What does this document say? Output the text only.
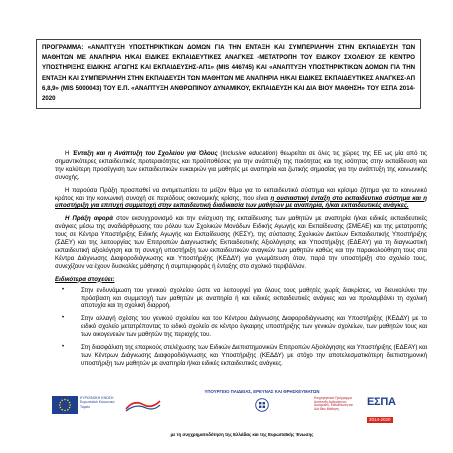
ΠΡΟΓΡΑΜΜΑ: «ΑΝΑΠΤΥΞΗ ΥΠΟΣΤΗΡΙΚΤΙΚΩΝ ΔΟΜΩΝ ΓΙΑ ΤΗΝ ΕΝΤΑΞΗ ΚΑΙ ΣΥΜΠΕΡΙΛΗΨΗ ΣΤΗΝ ΕΚΠΑΙΔΕΥΣΗ ΤΩΝ ΜΑΘΗΤΩΝ ΜΕ ΑΝΑΠΗΡΙΑ Η/ΚΑΙ ΕΙΔΙΚΕΣ ΕΚΠΑΙΔΕΥΤΙΚΕΣ ΑΝΑΓΚΕΣ -ΜΕΤΑΤΡΟΠΗ ΤΟΥ ΕΙΔΙΚΟΥ ΣΧΟΛΕΙΟΥ ΣΕ ΚΕΝΤΡΟ ΥΠΟΣΤΗΡΙΞΗΣ ΕΙΔΙΚΗΣ ΑΓΩΓΗΣ ΚΑΙ ΕΚΠΑΙΔΕΥΣΗΣ-ΑΠ1» (MIS 446745) ΚΑΙ «ΑΝΑΠΤΥΞΗ ΥΠΟΣΤΗΡΙΚΤΙΚΩΝ ΔΟΜΩΝ ΓΙΑ ΤΗΝ ΕΝΤΑΞΗ ΚΑΙ ΣΥΜΠΕΡΙΛΗΨΗ ΣΤΗΝ ΕΚΠΑΙΔΕΥΣΗ ΤΩΝ ΜΑΘΗΤΩΝ ΜΕ ΑΝΑΠΗΡΙΑ Η/ΚΑΙ ΕΙΔΙΚΕΣ ΕΚΠΑΙΔΕΥΤΙΚΕΣ ΑΝΑΓΚΕΣ-ΑΠ 6,8,9» (MIS 5000043) ΤΟΥ Ε.Π. «ΑΝΑΠΤΥΞΗ ΑΝΘΡΩΠΙΝΟΥ ΔΥΝΑΜΙΚΟΥ, ΕΚΠΑΙΔΕΥΣΗ ΚΑΙ ΔΙΑ ΒΙΟΥ ΜΑΘΗΣΗ» ΤΟΥ ΕΣΠΑ 2014-2020

Η Ένταξη και η Ανάπτυξη του Σχολείου για Όλους (Inclusive education) θεωρείται σε όλες τις χώρες της ΕΕ ως μία από τις σημαντικότερες εκπαιδευτικές προτεραιότητες και προϋποθέσεις για την ανάπτυξη της ποιότητας και της ισότητας στην εκπαίδευση και την καλύτερη προσέγγιση των εκπαιδευτικών ευκαιριών για μαθητές με αναπηρία και ζωτικής σημασίας για την ανάπτυξη της κοινωνικής συνοχής.

Η παρούσα Πράξη προσπαθεί να αντιμετωπίσει το μείζον θέμα για το εκπαιδευτικό σύστημα και κρίσιμο ζήτημα για το κοινωνικό κράτος και την κοινωνική συνοχή σε περιόδους οικονομικής κρίσης, που είναι η ουσιαστική ένταξη στο εκπαιδευτικό σύστημα και η υποστήριξη για επιτυχή συμμετοχή στην εκπαιδευτική διαδικασία των μαθητών με αναπηρία, ή/και εκπαιδευτικές ανάγκες.

Η Πράξη αφορά στον εκσυγχρονισμό και την ενίσχυση της εκπαίδευσης των μαθητών με αναπηρία ή/και ειδικές εκπαιδευτικές ανάγκες μέσω της αναδιάρθρωσης του ρόλου των Σχολικών Μονάδων Ειδικής Αγωγής και Εκπαίδευσης (ΣΜΕΑΕ) και της μετατροπής τους σε Κέντρα Υποστήριξης Ειδικής Αγωγής και Εκπαίδευσης (ΚΕΣΥ), της σύστασης Σχολικών Δικτύων Εκπαιδευτικής Υποστήριξης (ΣΔΕΥ) και της λειτουργίας των Επιτροπών Διαγνωστικής Εκπαιδευτικής Αξιολόγησης και Υποστήριξης (ΕΔΕΑΥ) για τη διαγνωστική εκπαιδευτική αξιολόγηση και τη συνεχή υποστήριξη των εκπαιδευτικών αναγκών των μαθητών καθώς και την παρακολούθηση τους στα Κέντρα Διάγνωσης Διαφοροδιάγνωσης και Υποστήριξης (ΚΕΔΔΥ) για γνωμάτευση όταν, παρά την υποστήριξη στο σχολείο τους, συνεχίζουν να έχουν δυσκολίες μάθησης ή συμπεριφοράς ή ένταξης στο σχολικό περιβάλλον.

Ειδικότερα στοχεύει:
•	Στην ενδυνάμωση του γενικού σχολείου ώστε να λειτουργεί για όλους τους μαθητές χωρίς διακρίσεις, να διευκολύνει την πρόσβαση και συμμετοχή των μαθητών με αναπηρία ή και ειδικές εκπαιδευτικές ανάγκες και να προλαμβάνει τη σχολική αποτυχία και τη σχολική διαρροή.
•	Στην αλλαγή σχέσης του γενικού σχολείου και του Κέντρου Διάγνωσης Διαφοροδιάγνωσης και Υποστήριξης (ΚΕΔΔΥ) με το ειδικό σχολείο μετατρέποντας το ειδικό σχολείο σε κέντρο έγκαιρης υποστήριξης των γενικών σχολείων, των μαθητών τους και των οικογενειών των μαθητών της περιοχής του.
•	Στη διασφάλιση της επαρκούς στελέχωσης των Ειδικών Διεπιστημονικών Επιτροπών Αξιολόγησης και Υποστήριξης (ΕΔΕΑΥ) και των Κέντρων Διάγνωσης Διαφοροδιάγνωσης και Υποστήριξης (ΚΕΔΔΥ) με στόχο την αποτελεσματικότερη διεπιστημονική υποστήριξη των μαθητών με αναπηρία ή/και ειδικές εκπαιδευτικές ανάγκες.
ΕΥΡΩΠΑΪΚΗ ΕΝΩΣΗ Ευρωπαϊκό Κοινωνικό Ταμείο
ΥΠΟΥΡΓΕΙΟ ΠΑΙΔΕΙΑΣ, ΕΡΕΥΝΑΣ ΚΑΙ ΘΡΗΣΚΕΥΜΑΤΩΝ
Επιχειρησιακό Πρόγραμμα Ανάπτυξη Ανθρώπινου Δυναμικού, Εκπαίδευση και Διά Βίου Μάθηση
ΕΣΠΑ
2014-2020
με τη συγχρηματοδότηση της Ελλάδας και της Ευρωπαϊκής Ένωσης
